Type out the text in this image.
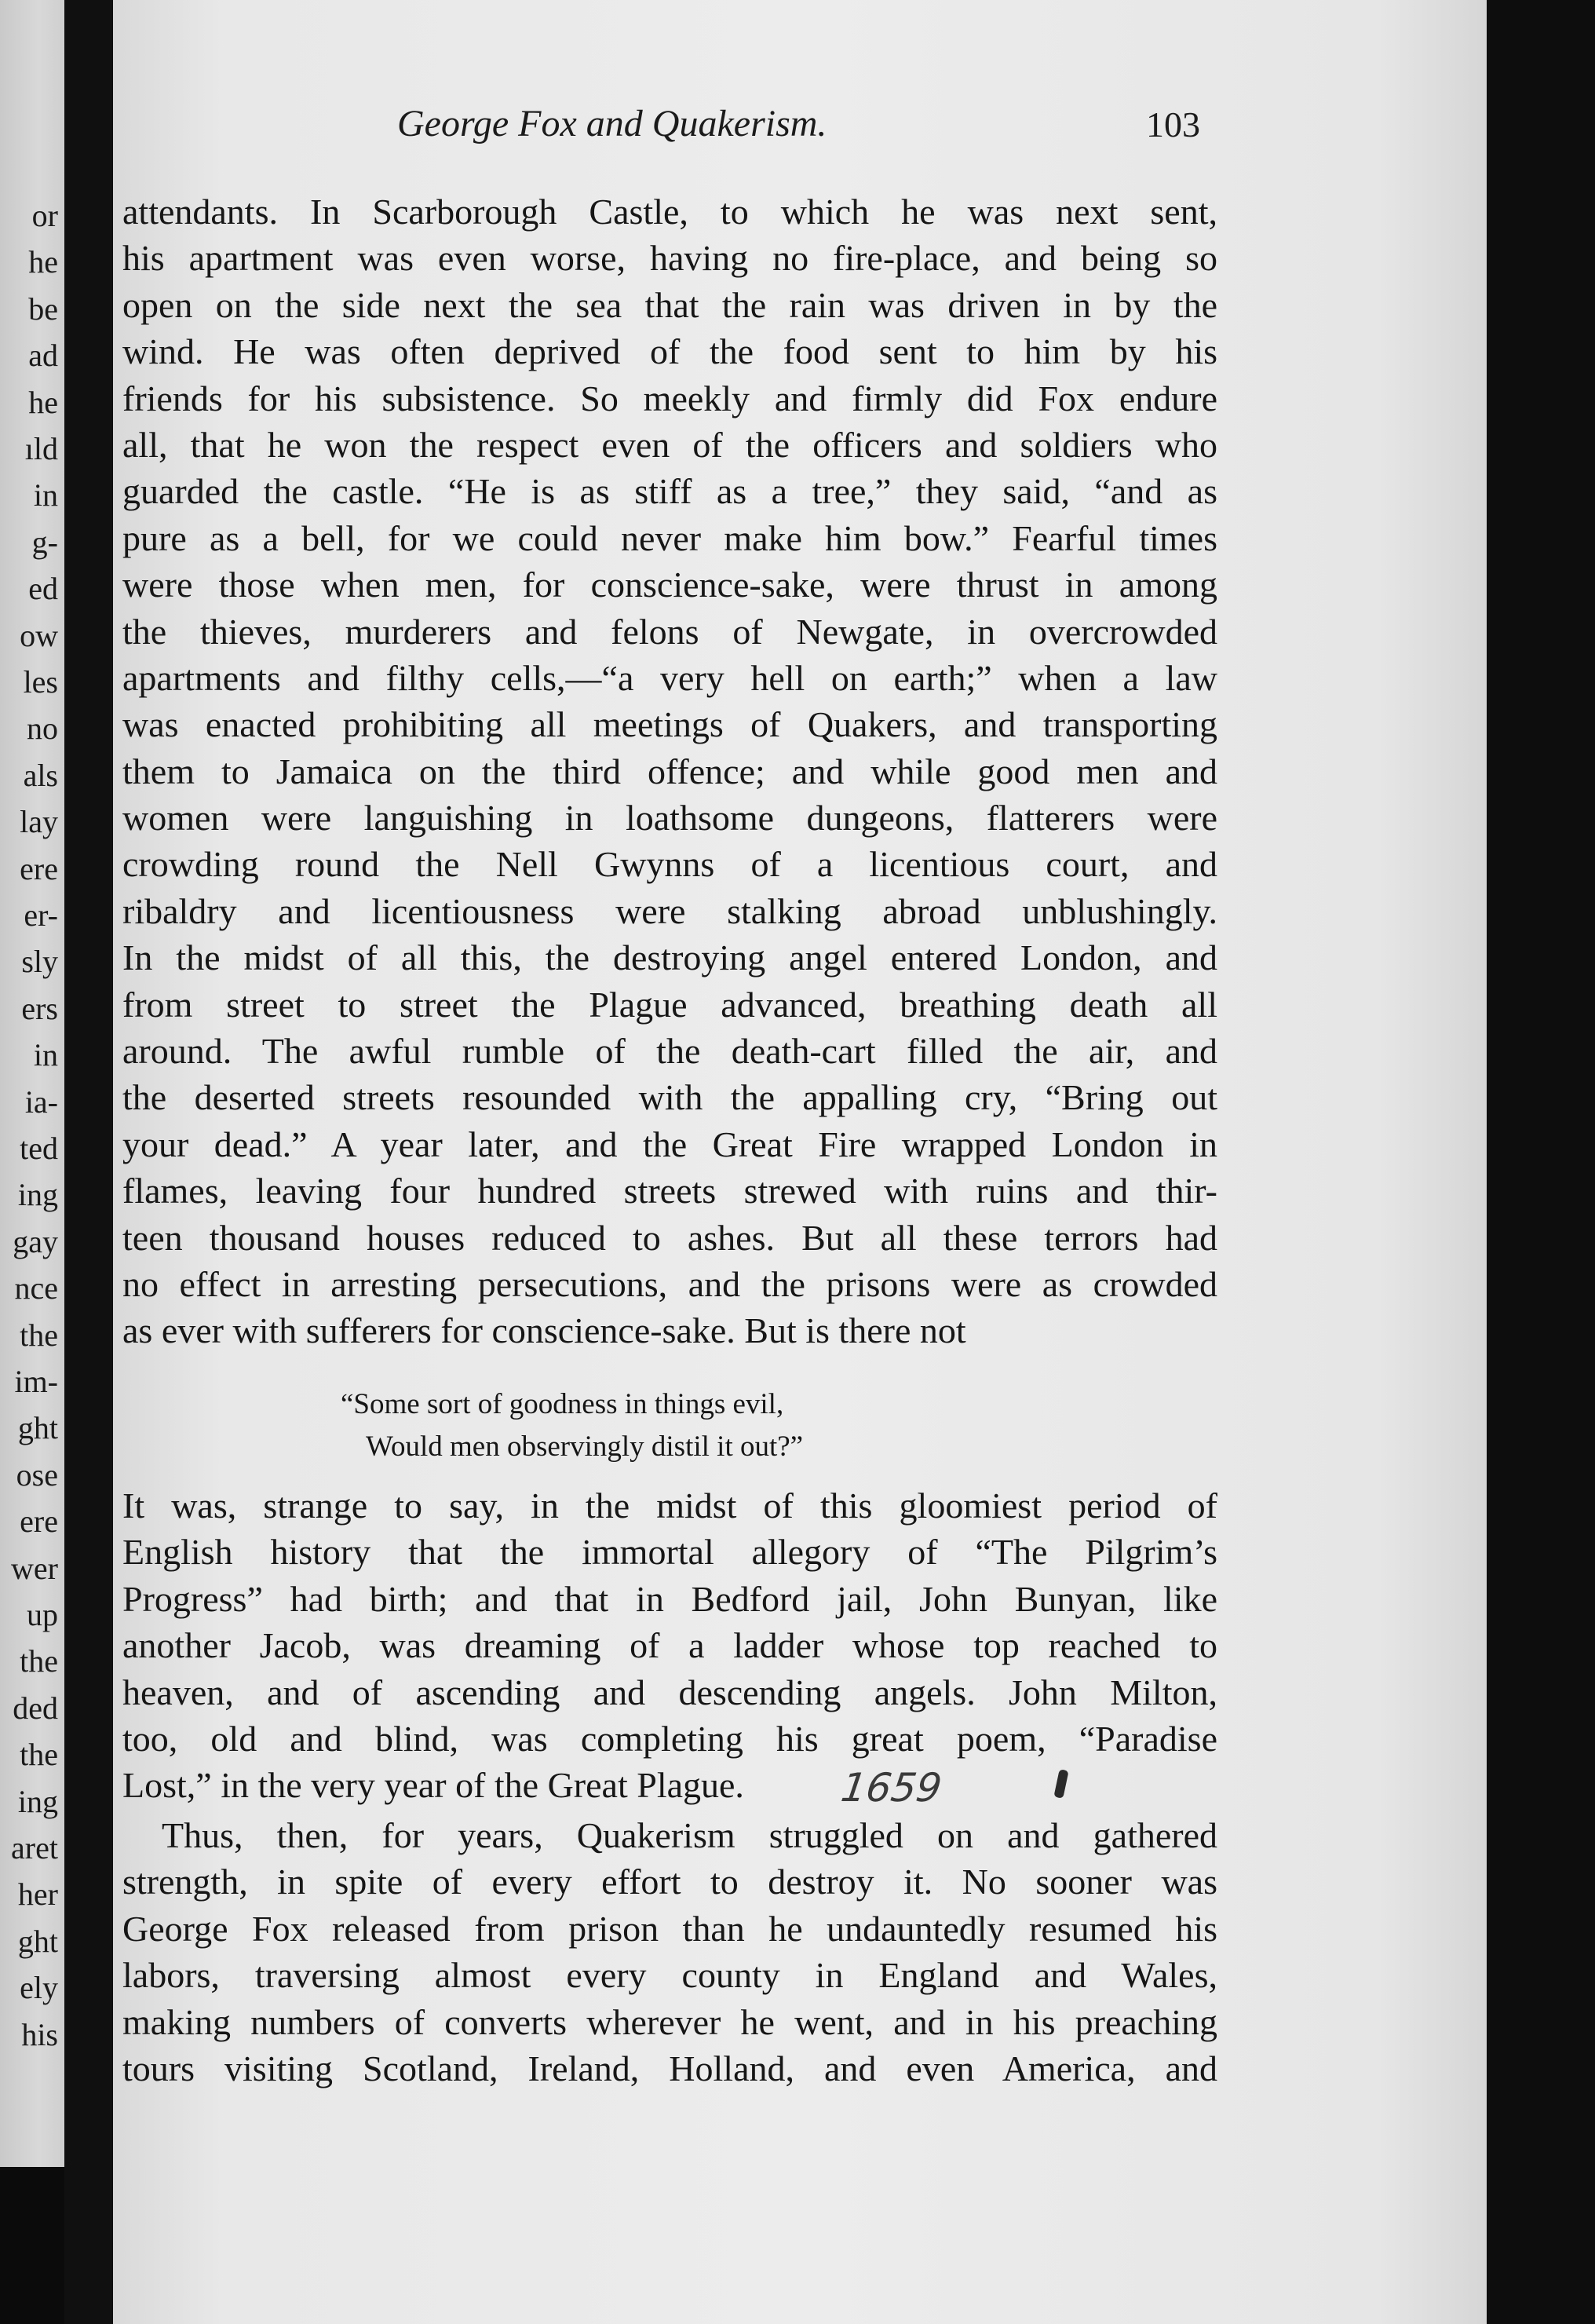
or
he
be
ad
he
ıld
in
g-
ed
ow
les
no
als
lay
ere
er-
sly
ers
in
ia-
ted
ing
gay
nce
the
im-
ght
ose
ere
wer
up
the
ded
the
ing
aret
her
ght
ely
his
George Fox and Quakerism.	103
attendants. In Scarborough Castle, to which he was next sent,
his apartment was even worse, having no fire-place, and being so
open on the side next the sea that the rain was driven in by the
wind. He was often deprived of the food sent to him by his
friends for his subsistence. So meekly and firmly did Fox endure
all, that he won the respect even of the officers and soldiers who
guarded the castle. “He is as stiff as a tree,” they said, “and as
pure as a bell, for we could never make him bow.” Fearful times
were those when men, for conscience-sake, were thrust in among
the thieves, murderers and felons of Newgate, in overcrowded
apartments and filthy cells,—“a very hell on earth;” when a law
was enacted prohibiting all meetings of Quakers, and transporting
them to Jamaica on the third offence; and while good men and
women were languishing in loathsome dungeons, flatterers were
crowding round the Nell Gwynns of a licentious court, and
ribaldry and licentiousness were stalking abroad unblushingly.
In the midst of all this, the destroying angel entered London, and
from street to street the Plague advanced, breathing death all
around. The awful rumble of the death-cart filled the air, and
the deserted streets resounded with the appalling cry, “Bring out
your dead.” A year later, and the Great Fire wrapped London in
flames, leaving four hundred streets strewed with ruins and thir-
teen thousand houses reduced to ashes. But all these terrors had
no effect in arresting persecutions, and the prisons were as crowded
as ever with sufferers for conscience-sake. But is there not
“Some sort of goodness in things evil,
Would men observingly distil it out?”
It was, strange to say, in the midst of this gloomiest period of
English history that the immortal allegory of “The Pilgrim’s
Progress” had birth; and that in Bedford jail, John Bunyan, like
another Jacob, was dreaming of a ladder whose top reached to
heaven, and of ascending and descending angels. John Milton,
too, old and blind, was completing his great poem, “Paradise
Lost,” in the very year of the Great Plague.	1659
Thus, then, for years, Quakerism struggled on and gathered
strength, in spite of every effort to destroy it. No sooner was
George Fox released from prison than he undauntedly resumed his
labors, traversing almost every county in England and Wales,
making numbers of converts wherever he went, and in his preaching
tours visiting Scotland, Ireland, Holland, and even America, and
